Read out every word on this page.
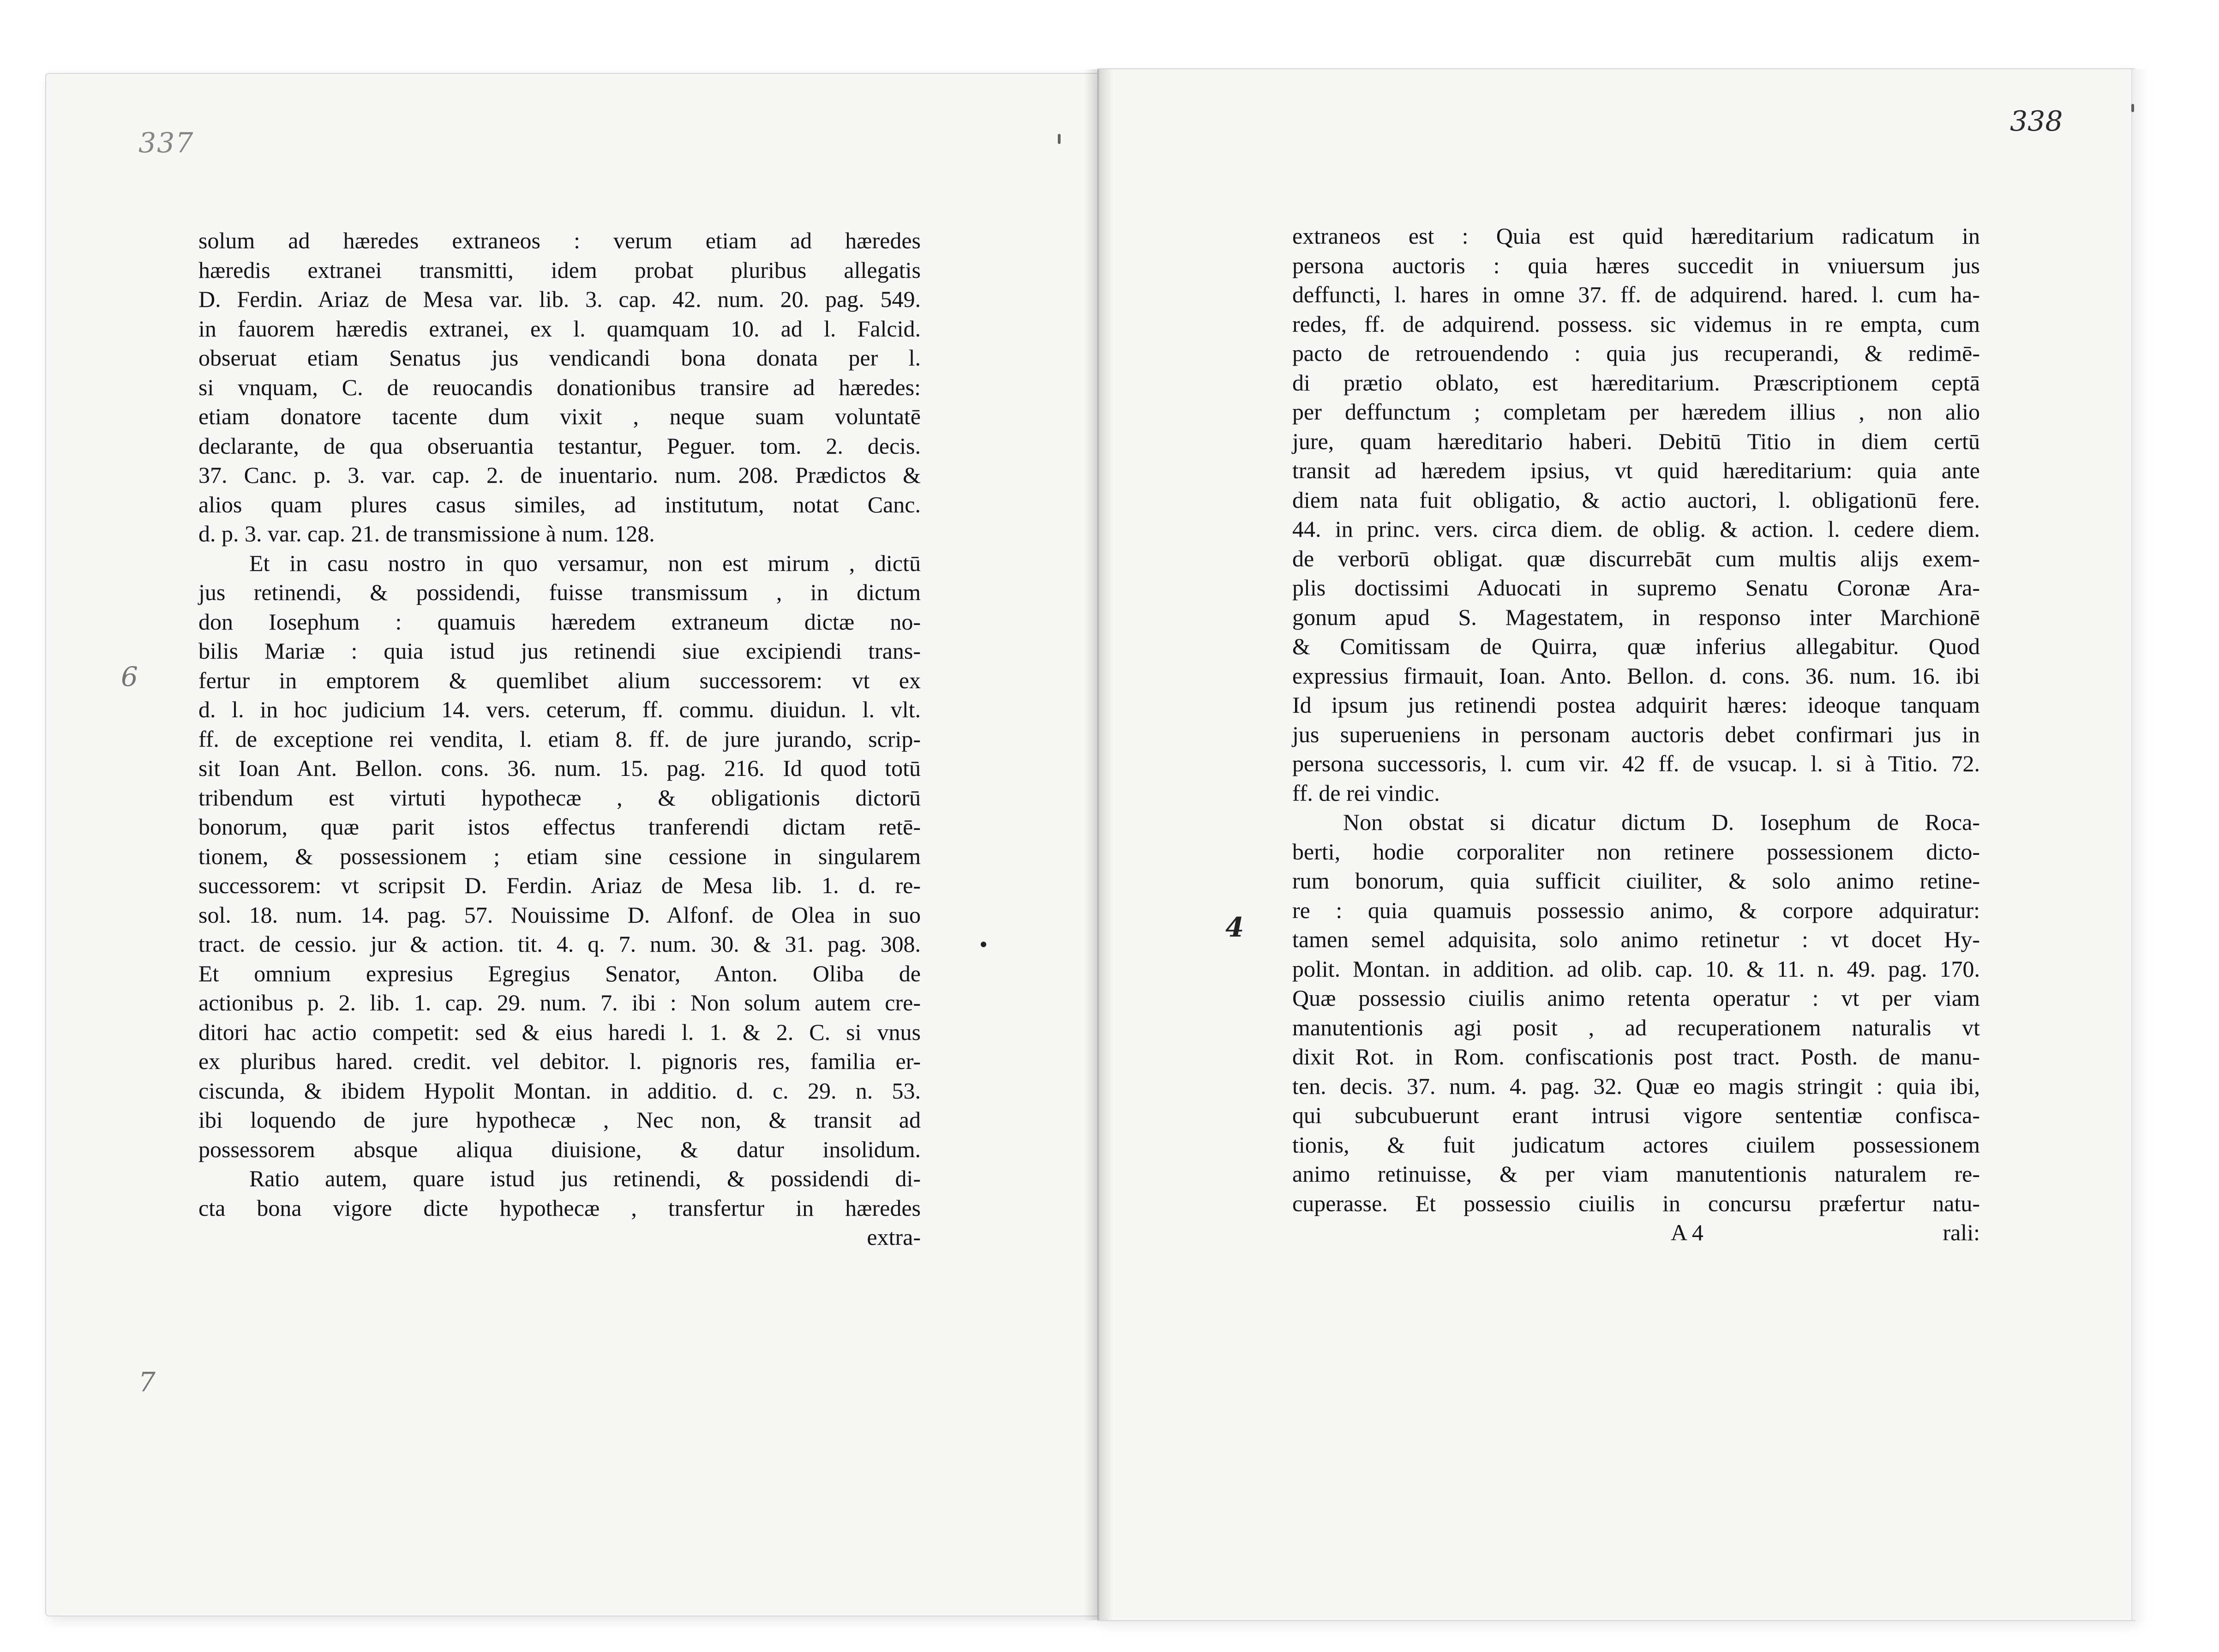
337
338
6
7
4
solum ad hæredes extraneos : verum etiam ad hæredes
hæredis extranei transmitti, idem probat pluribus allegatis
D. Ferdin. Ariaz de Mesa var. lib. 3. cap. 42. num. 20. pag. 549.
in fauorem hæredis extranei, ex l. quamquam 10. ad l. Falcid.
obseruat etiam Senatus jus vendicandi bona donata per l.
si vnquam, C. de reuocandis donationibus transire ad hæredes:
etiam donatore tacente dum vixit , neque suam voluntatē
declarante, de qua obseruantia testantur, Peguer. tom. 2. decis.
37. Canc. p. 3. var. cap. 2. de inuentario. num. 208. Prædictos &
alios quam plures casus similes, ad institutum, notat Canc.
d. p. 3. var. cap. 21. de transmissione à num. 128.
Et in casu nostro in quo versamur, non est mirum , dictū
jus retinendi, & possidendi, fuisse transmissum , in dictum
don Iosephum : quamuis hæredem extraneum dictæ no-
bilis Mariæ : quia istud jus retinendi siue excipiendi trans-
fertur in emptorem & quemlibet alium successorem: vt ex
d. l. in hoc judicium 14. vers. ceterum, ff. commu. diuidun. l. vlt.
ff. de exceptione rei vendita, l. etiam 8. ff. de jure jurando, scrip-
sit Ioan Ant. Bellon. cons. 36. num. 15. pag. 216. Id quod totū
tribendum est virtuti hypothecæ , & obligationis dictorū
bonorum, quæ parit istos effectus tranferendi dictam retē-
tionem, & possessionem ; etiam sine cessione in singularem
successorem: vt scripsit D. Ferdin. Ariaz de Mesa lib. 1. d. re-
sol. 18. num. 14. pag. 57. Nouissime D. Alfonf. de Olea in suo
tract. de cessio. jur & action. tit. 4. q. 7. num. 30. & 31. pag. 308.
Et omnium expresius Egregius Senator, Anton. Oliba de
actionibus p. 2. lib. 1. cap. 29. num. 7. ibi : Non solum autem cre-
ditori hac actio competit: sed & eius haredi l. 1. & 2. C. si vnus
ex pluribus hared. credit. vel debitor. l. pignoris res, familia er-
ciscunda, & ibidem Hypolit Montan. in additio. d. c. 29. n. 53.
ibi loquendo de jure hypothecæ , Nec non, & transit ad
possessorem absque aliqua diuisione, & datur insolidum.
Ratio autem, quare istud jus retinendi, & possidendi di-
cta bona vigore dicte hypothecæ , transfertur in hæredes
extra-
extraneos est : Quia est quid hæreditarium radicatum in
persona auctoris : quia hæres succedit in vniuersum jus
deffuncti, l. hares in omne 37. ff. de adquirend. hared. l. cum ha-
redes, ff. de adquirend. possess. sic videmus in re empta, cum
pacto de retrouendendo : quia jus recuperandi, & redimē-
di prætio oblato, est hæreditarium. Præscriptionem ceptā
per deffunctum ; completam per hæredem illius , non alio
jure, quam hæreditario haberi. Debitū Titio in diem certū
transit ad hæredem ipsius, vt quid hæreditarium: quia ante
diem nata fuit obligatio, & actio auctori, l. obligationū fere.
44. in princ. vers. circa diem. de oblig. & action. l. cedere diem.
de verborū obligat. quæ discurrebāt cum multis alijs exem-
plis doctissimi Aduocati in supremo Senatu Coronæ Ara-
gonum apud S. Magestatem, in responso inter Marchionē
& Comitissam de Quirra, quæ inferius allegabitur. Quod
expressius firmauit, Ioan. Anto. Bellon. d. cons. 36. num. 16. ibi
Id ipsum jus retinendi postea adquirit hæres: ideoque tanquam
jus superueniens in personam auctoris debet confirmari jus in
persona successoris, l. cum vir. 42 ff. de vsucap. l. si à Titio. 72.
ff. de rei vindic.
Non obstat si dicatur dictum D. Iosephum de Roca-
berti, hodie corporaliter non retinere possessionem dicto-
rum bonorum, quia sufficit ciuiliter, & solo animo retine-
re : quia quamuis possessio animo, & corpore adquiratur:
tamen semel adquisita, solo animo retinetur : vt docet Hy-
polit. Montan. in addition. ad olib. cap. 10. & 11. n. 49. pag. 170.
Quæ possessio ciuilis animo retenta operatur : vt per viam
manutentionis agi posit , ad recuperationem naturalis vt
dixit Rot. in Rom. confiscationis post tract. Posth. de manu-
ten. decis. 37. num. 4. pag. 32. Quæ eo magis stringit : quia ibi,
qui subcubuerunt erant intrusi vigore sententiæ confisca-
tionis, & fuit judicatum actores ciuilem possessionem
animo retinuisse, & per viam manutentionis naturalem re-
cuperasse. Et possessio ciuilis in concursu præfertur natu-
A 4	rali:
